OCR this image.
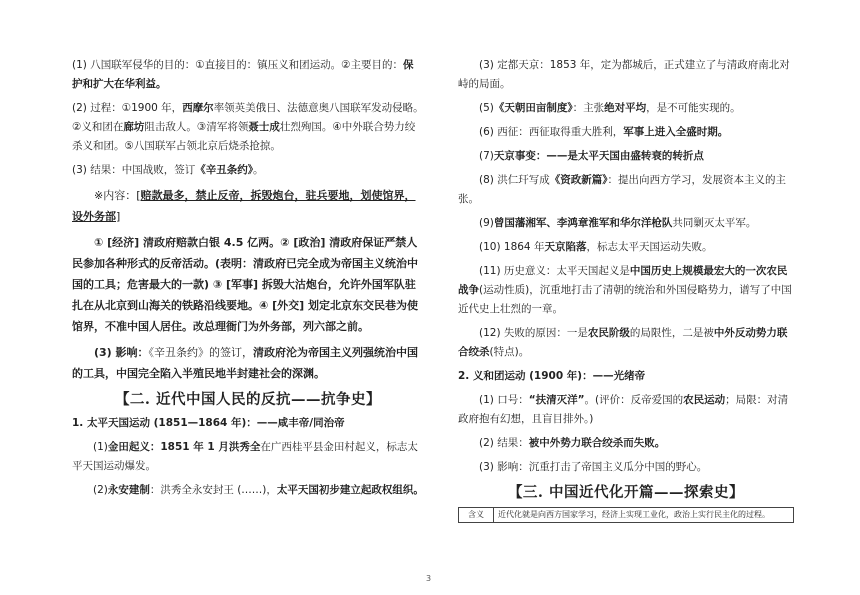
(1) 八国联军侵华的目的：①直接目的：镇压义和团运动。②主要目的：保护和扩大在华利益。

(2) 过程：①1900 年，西摩尔率领英美俄日、法德意奥八国联军发动侵略。②义和团在廊坊阻击敌人。③清军将领聂士成壮烈殉国。④中外联合势力绞杀义和团。⑤八国联军占领北京后烧杀抢掠。

(3) 结果：中国战败，签订《辛丑条约》。

※内容：[赔款最多，禁止反帝，拆毁炮台，驻兵要地，划使馆界，设外务部]

① [经济] 清政府赔款白银 4.5 亿两。② [政治] 清政府保证严禁人民参加各种形式的反帝活动。(表明：清政府已完全成为帝国主义统治中国的工具；危害最大的一款) ③ [军事] 拆毁大沽炮台，允许外国军队驻扎在从北京到山海关的铁路沿线要地。④ [外交] 划定北京东交民巷为使馆界，不准中国人居住。改总理衙门为外务部，列六部之前。

(3) 影响：《辛丑条约》的签订，清政府沦为帝国主义列强统治中国的工具，中国完全陷入半殖民地半封建社会的深渊。

【二. 近代中国人民的反抗——抗争史】

1. 太平天国运动 (1851—1864 年)：——咸丰帝/同治帝

(1)金田起义：1851 年 1 月洪秀全在广西桂平县金田村起义，标志太平天国运动爆发。

(2)永安建制：洪秀全永安封王 (……)，太平天国初步建立起政权组织。

(3) 定都天京：1853 年，定为都城后，正式建立了与清政府南北对峙的局面。

(5)《天朝田亩制度》：主张绝对平均，是不可能实现的。

(6) 西征：西征取得重大胜利，军事上进入全盛时期。

(7)天京事变：——是太平天国由盛转衰的转折点

(8) 洪仁玕写成《资政新篇》：提出向西方学习，发展资本主义的主张。

(9)曾国藩湘军、李鸿章淮军和华尔洋枪队共同剿灭太平军。

(10) 1864 年天京陷落，标志太平天国运动失败。

(11) 历史意义：太平天国起义是中国历史上规模最宏大的一次农民战争(运动性质)，沉重地打击了清朝的统治和外国侵略势力，谱写了中国近代史上壮烈的一章。

(12) 失败的原因：一是农民阶级的局限性，二是被中外反动势力联合绞杀(特点)。

2. 义和团运动 (1900 年)：——光绪帝

(1) 口号：“扶清灭洋”。(评价：反帝爱国的农民运动；局限：对清政府抱有幻想，且盲目排外。)

(2) 结果：被中外势力联合绞杀而失败。

(3) 影响：沉重打击了帝国主义瓜分中国的野心。

【三. 中国近代化开篇——探索史】
含义	近代化就是向西方国家学习，经济上实现工业化，政治上实行民主化的过程。
3
